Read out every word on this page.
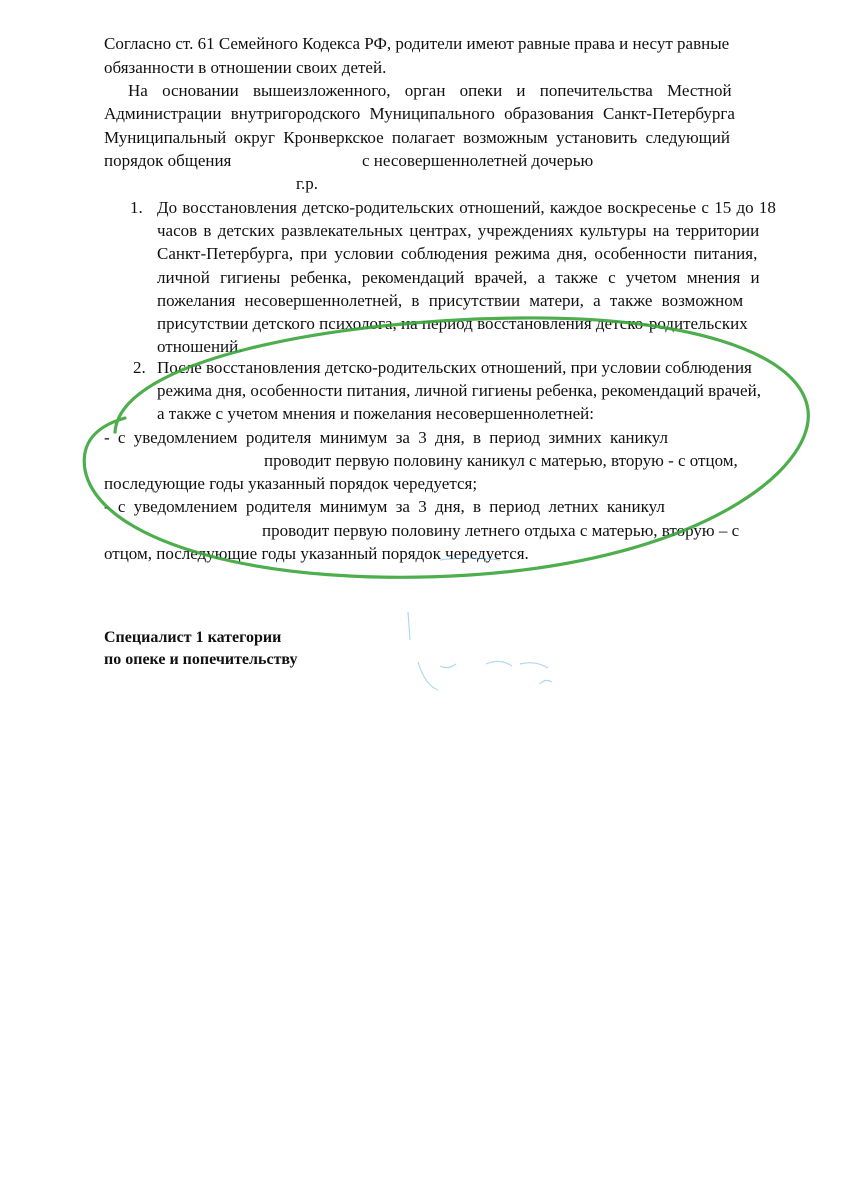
Согласно ст. 61 Семейного Кодекса РФ, родители имеют равные права и несут равные
обязанности в отношении своих детей.
На основании вышеизложенного, орган опеки и попечительства Местной
Администрации внутригородского Муниципального образования Санкт-Петербурга
Муниципальный округ Кронверкское полагает возможным установить следующий
порядок общения	с несовершеннолетней дочерью
г.р.
1. До восстановления детско-родительских отношений, каждое воскресенье с 15 до 18
часов в детских развлекательных центрах, учреждениях культуры на территории
Санкт-Петербурга, при условии соблюдения режима дня, особенности питания,
личной гигиены ребенка, рекомендаций врачей, а также с учетом мнения и
пожелания несовершеннолетней, в присутствии матери, а также возможном
присутствии детского психолога, на период восстановления детско-родительских
отношений.
2. После восстановления детско-родительских отношений, при условии соблюдения
режима дня, особенности питания, личной гигиены ребенка, рекомендаций врачей,
а также с учетом мнения и пожелания несовершеннолетней:
- с уведомлением родителя минимум за 3 дня, в период зимних каникул
проводит первую половину каникул с матерью, вторую - с отцом,
последующие годы указанный порядок чередуется;
- с уведомлением родителя минимум за 3 дня, в период летних каникул
проводит первую половину летнего отдыха с матерью, вторую – с
отцом, последующие годы указанный порядок чередуется.
Специалист 1 категории
по опеке и попечительству
